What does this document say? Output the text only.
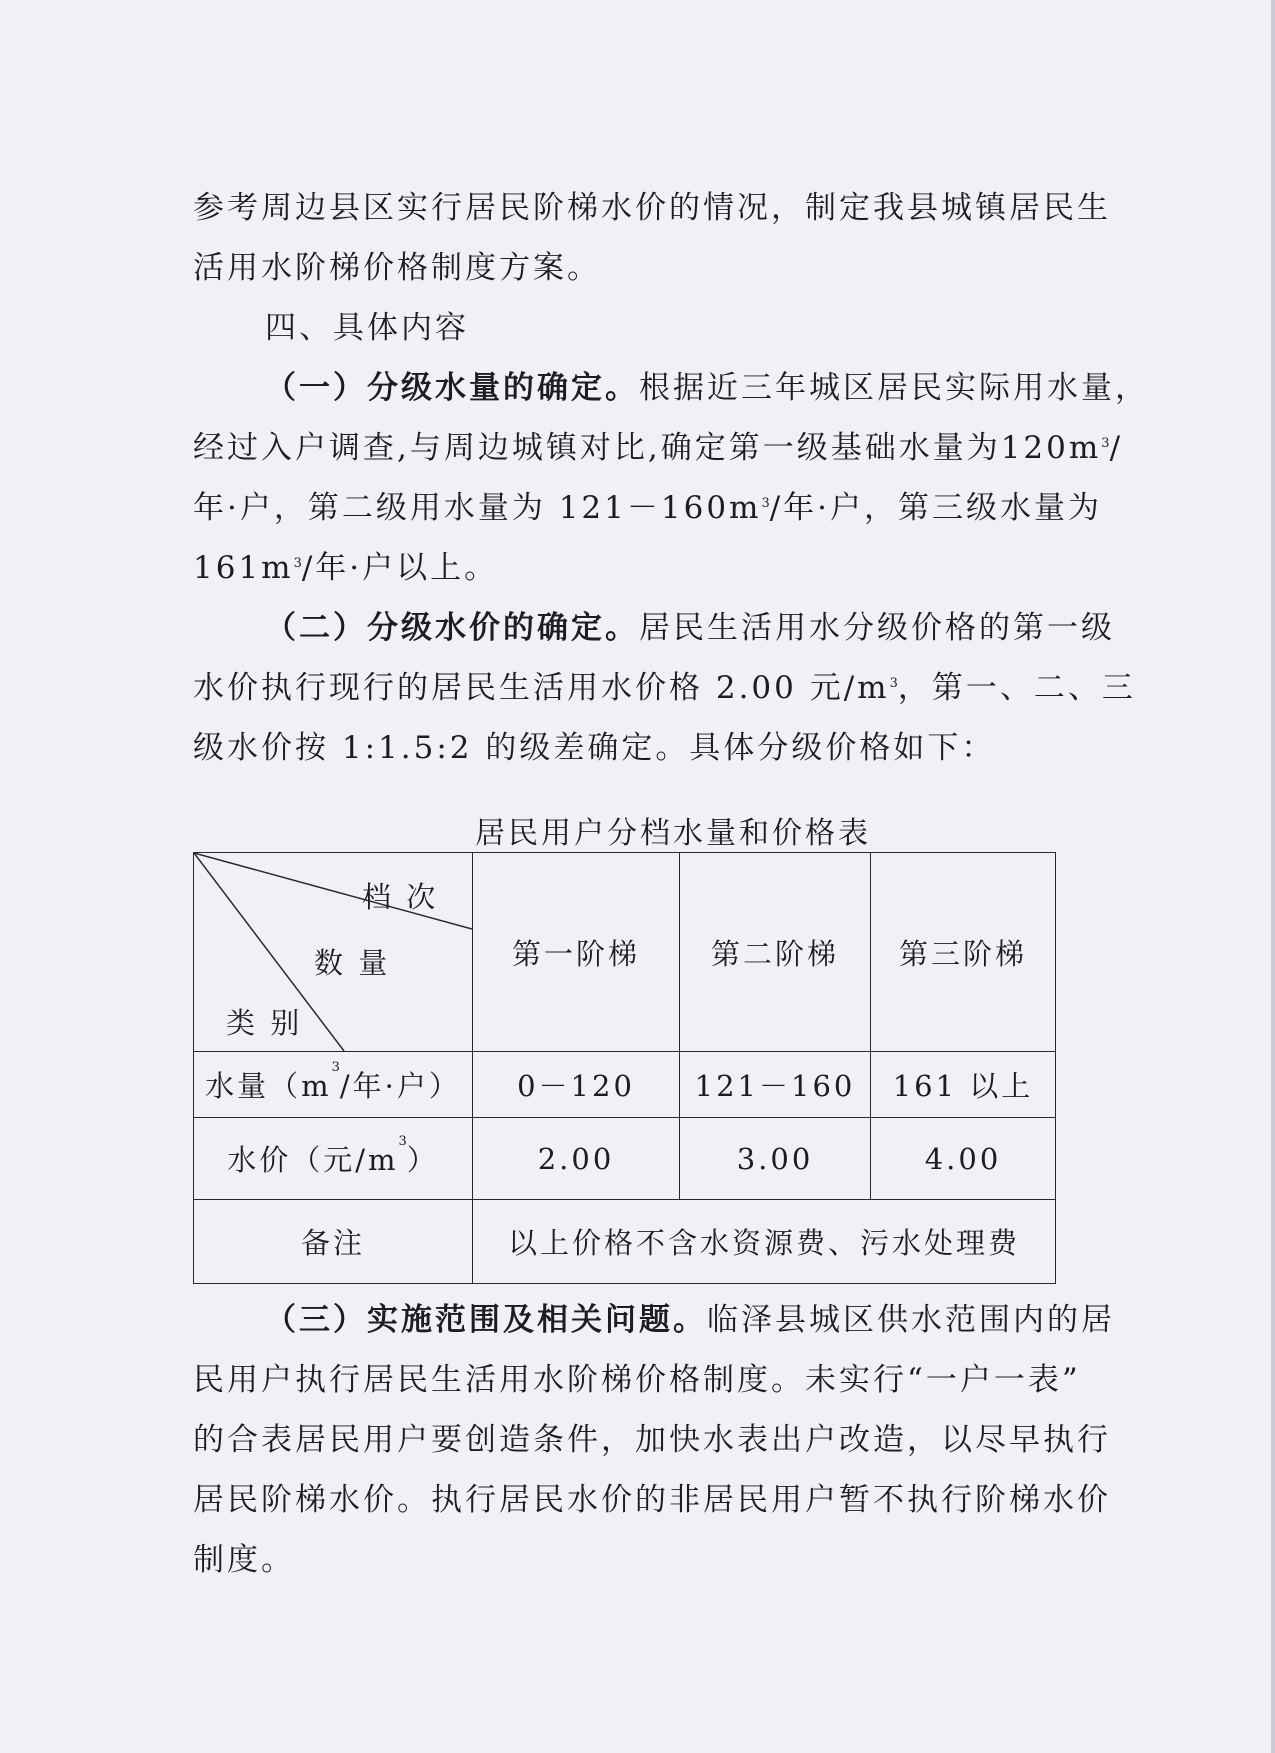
参考周边县区实行居民阶梯水价的情况，制定我县城镇居民生
活用水阶梯价格制度方案。
四、具体内容
（一）分级水量的确定。根据近三年城区居民实际用水量，
经过入户调查,与周边城镇对比,确定第一级基础水量为$120m^3/$
年·户，第二级用水量为 $121-160m^3/$年·户，第三级水量为
$161m^3/$年·户以上。
（二）分级水价的确定。居民生活用水分级价格的第一级
水价执行现行的居民生活用水价格 2.00 元$/m^3$，第一、二、三
级水价按 1:1.5:2 的级差确定。具体分级价格如下：
居民用户分档水量和价格表
档 次
数 量
类 别	第一阶梯	第二阶梯	第三阶梯
水量（$m^3/$年·户）	0－120	121－160	161 以上
水价（元$/m^3$）	2.00	3.00	4.00
备注	以上价格不含水资源费、污水处理费		
（三）实施范围及相关问题。临泽县城区供水范围内的居
民用户执行居民生活用水阶梯价格制度。未实行“一户一表”
的合表居民用户要创造条件，加快水表出户改造，以尽早执行
居民阶梯水价。执行居民水价的非居民用户暂不执行阶梯水价
制度。
